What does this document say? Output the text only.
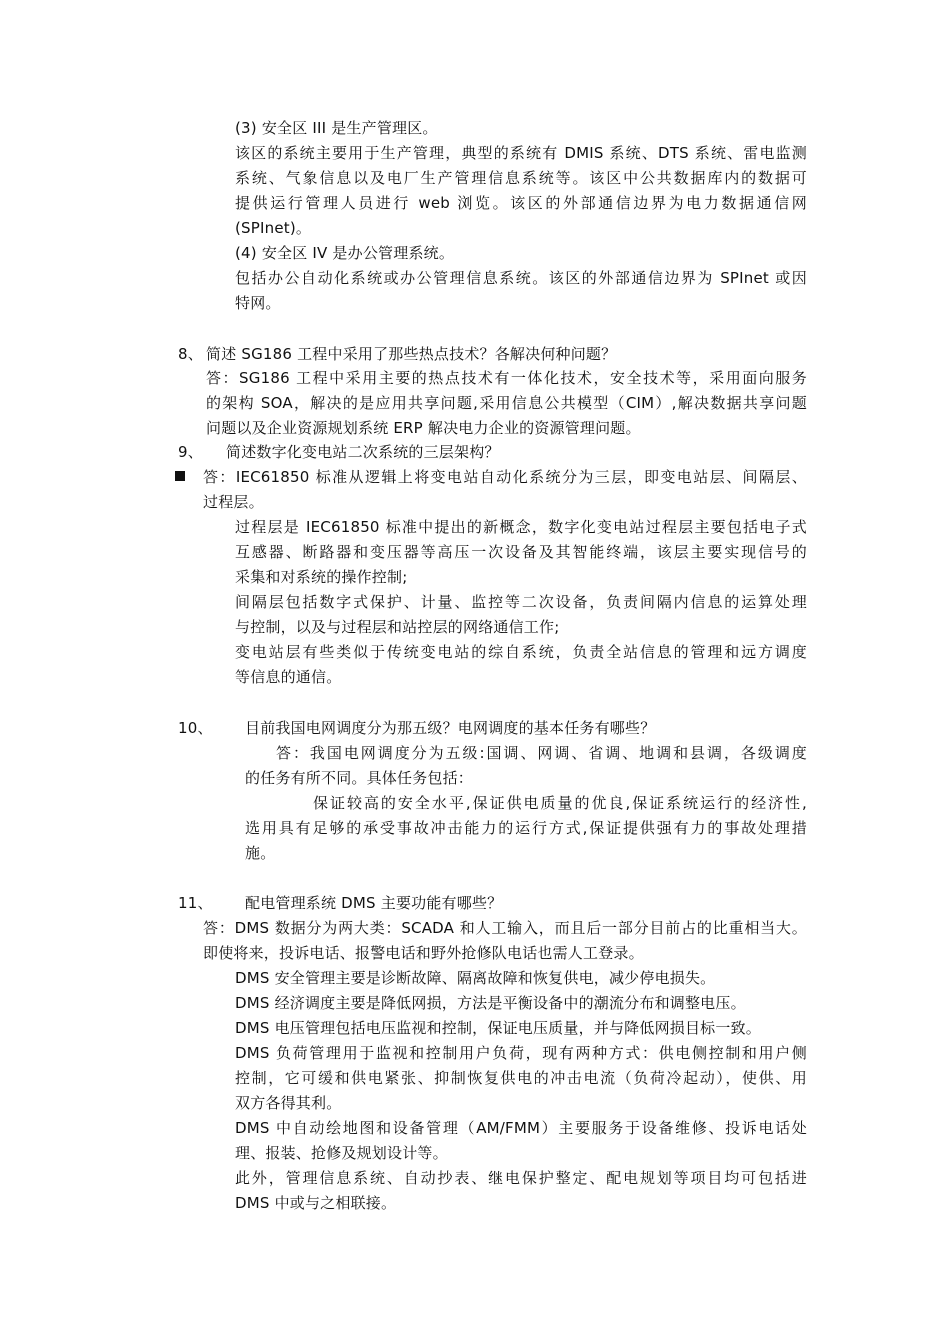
(3) 安全区 III 是生产管理区。
该区的系统主要用于生产管理，典型的系统有 DMIS 系统、DTS 系统、雷电监测
系统、气象信息以及电厂生产管理信息系统等。该区中公共数据库内的数据可
提供运行管理人员进行 web 浏览。该区的外部通信边界为电力数据通信网
(SPInet)。
(4) 安全区 IV 是办公管理系统。
包括办公自动化系统或办公管理信息系统。该区的外部通信边界为 SPInet 或因
特网。
8、 简述 SG186 工程中采用了那些热点技术？各解决何种问题？
答：SG186 工程中采用主要的热点技术有一体化技术，安全技术等，采用面向服务
的架构 SOA，解决的是应用共享问题,采用信息公共模型（CIM）,解决数据共享问题
问题以及企业资源规划系统 ERP 解决电力企业的资源管理问题。
9、 简述数字化变电站二次系统的三层架构？
答：IEC61850 标准从逻辑上将变电站自动化系统分为三层，即变电站层、间隔层、
过程层。
过程层是 IEC61850 标准中提出的新概念，数字化变电站过程层主要包括电子式
互感器、断路器和变压器等高压一次设备及其智能终端，该层主要实现信号的
采集和对系统的操作控制;
间隔层包括数字式保护、计量、监控等二次设备，负责间隔内信息的运算处理
与控制，以及与过程层和站控层的网络通信工作;
变电站层有些类似于传统变电站的综自系统，负责全站信息的管理和远方调度
等信息的通信。
10、 目前我国电网调度分为那五级？电网调度的基本任务有哪些？
答：我国电网调度分为五级:国调、网调、省调、地调和县调，各级调度
的任务有所不同。具体任务包括：
保证较高的安全水平,保证供电质量的优良,保证系统运行的经济性,
选用具有足够的承受事故冲击能力的运行方式,保证提供强有力的事故处理措
施。
11、 配电管理系统 DMS 主要功能有哪些？
答：DMS 数据分为两大类：SCADA 和人工输入，而且后一部分目前占的比重相当大。
即使将来，投诉电话、报警电话和野外抢修队电话也需人工登录。
DMS 安全管理主要是诊断故障、隔离故障和恢复供电，减少停电损失。
DMS 经济调度主要是降低网损，方法是平衡设备中的潮流分布和调整电压。
DMS 电压管理包括电压监视和控制，保证电压质量，并与降低网损目标一致。
DMS 负荷管理用于监视和控制用户负荷，现有两种方式：供电侧控制和用户侧
控制，它可缓和供电紧张、抑制恢复供电的冲击电流（负荷冷起动），使供、用
双方各得其利。
DMS 中自动绘地图和设备管理（AM/FMM）主要服务于设备维修、投诉电话处
理、报装、抢修及规划设计等。
此外，管理信息系统、自动抄表、继电保护整定、配电规划等项目均可包括进
DMS 中或与之相联接。
